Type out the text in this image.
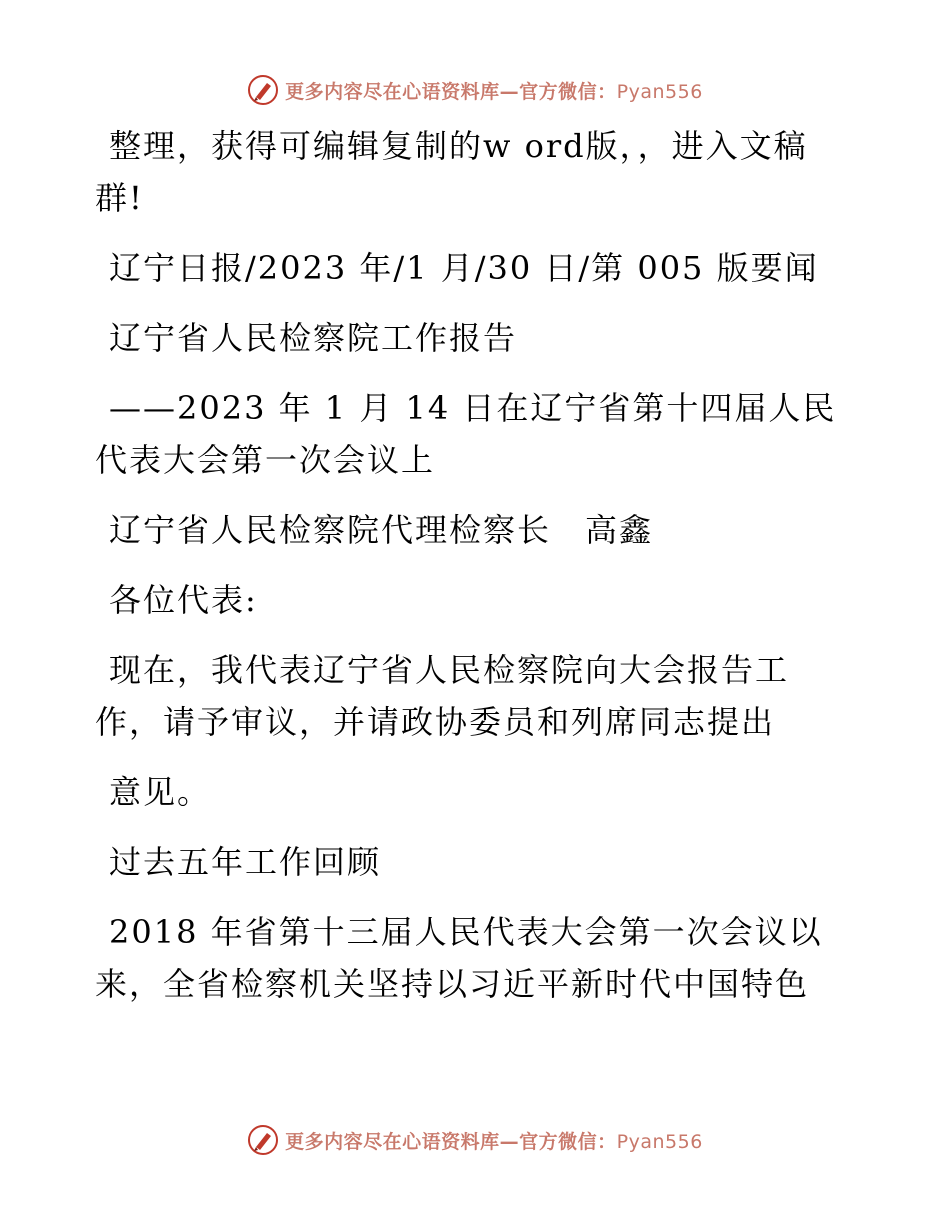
更多内容尽在心语资料库—官方微信：Pyan556
整理，获得可编辑复制的w ord版，，进入文稿
群!
辽宁日报/2023 年/1 月/30 日/第 005 版要闻
辽宁省人民检察院工作报告
——2023 年 1 月 14 日在辽宁省第十四届人民
代表大会第一次会议上
辽宁省人民检察院代理检察长　高鑫
各位代表:
现在，我代表辽宁省人民检察院向大会报告工
作，请予审议，并请政协委员和列席同志提出
意见。
过去五年工作回顾
2018 年省第十三届人民代表大会第一次会议以
来，全省检察机关坚持以习近平新时代中国特色
更多内容尽在心语资料库—官方微信：Pyan556
